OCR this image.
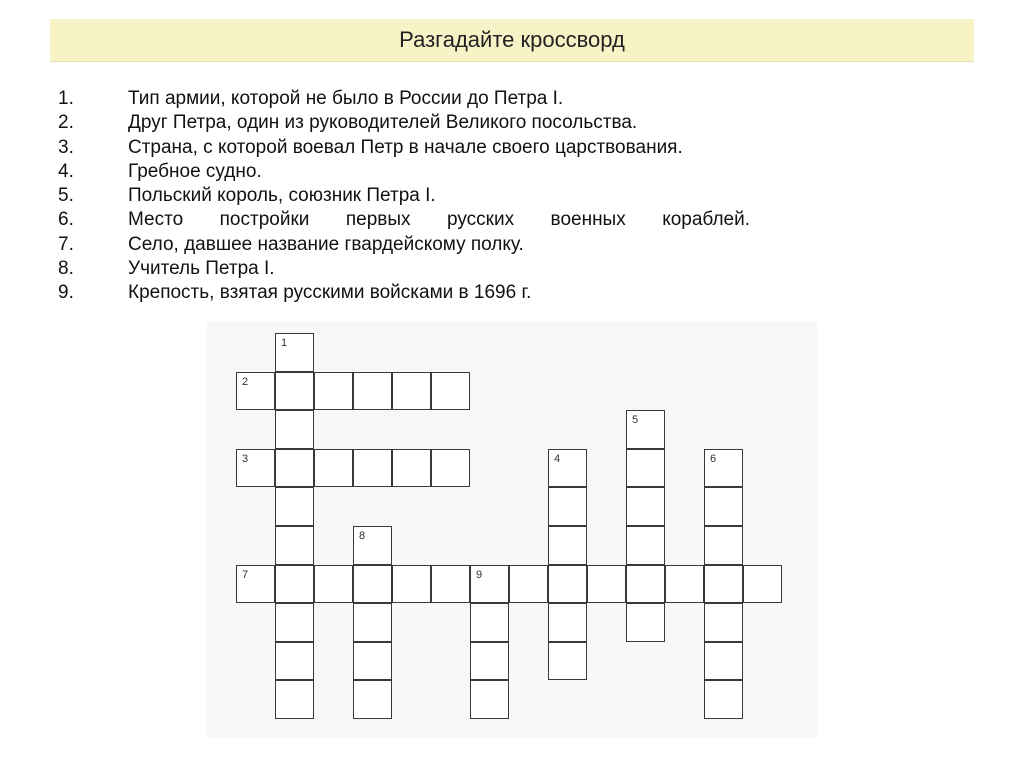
Разгадайте кроссворд
1.	Тип армии, которой не было в России до Петра I.
2.	Друг Петра, один из руководителей Великого посольства.
3.	Страна, с которой воевал Петр в начале своего царствования.
4.	Гребное судно.
5.	Польский король, союзник Петра I.
6.	Место постройки первых русских военных кораблей.
7.	Село, давшее название гвардейскому полку.
8.	Учитель Петра I.
9.	Крепость, взятая русскими войсками в 1696 г.
2
3
7	9
1
8
4
5
6
